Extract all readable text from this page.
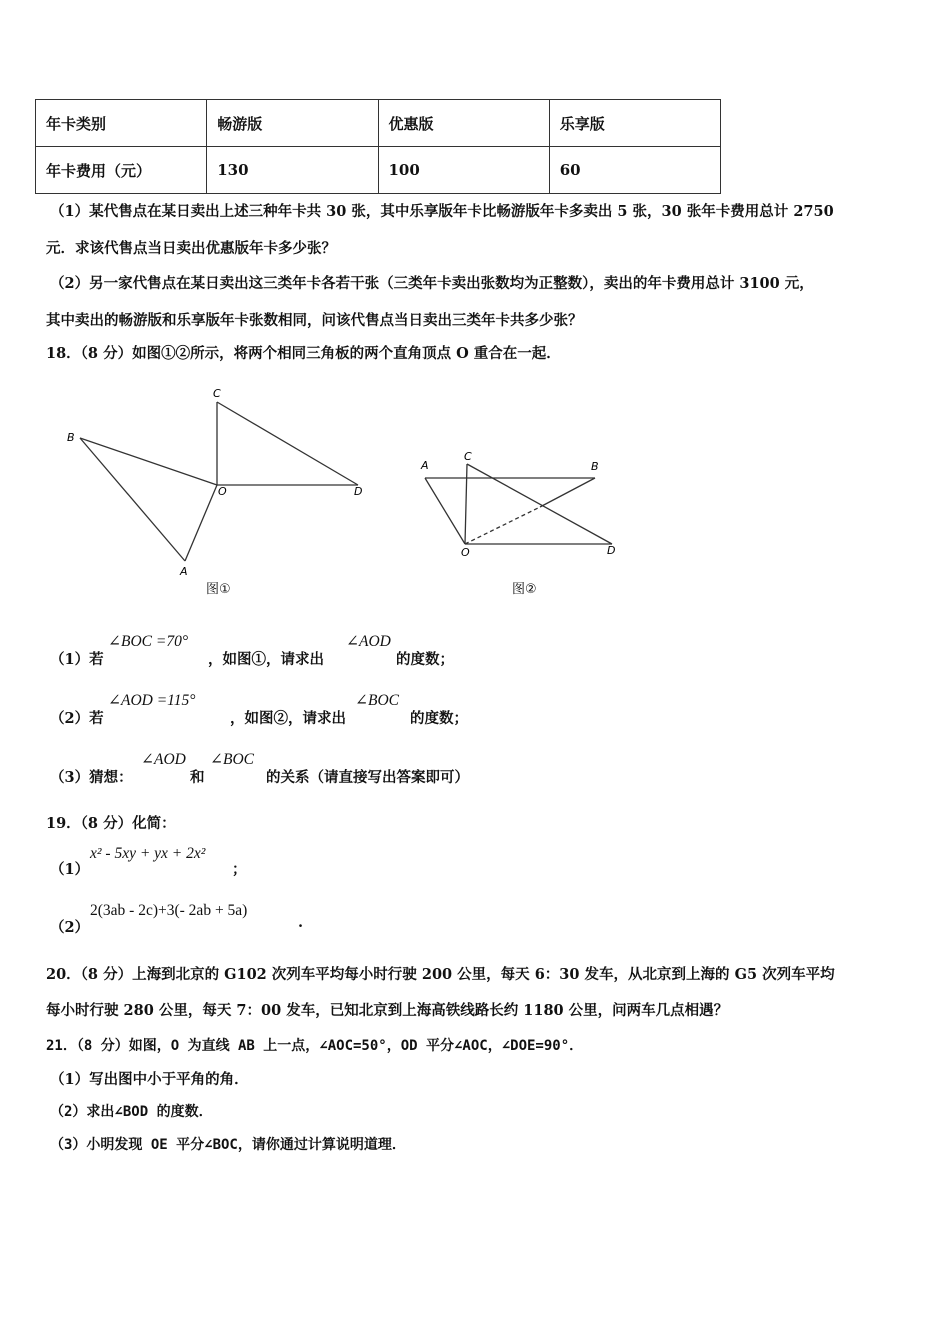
年卡类别	畅游版	优惠版	乐享版
年卡费用（元）	130	100	60
（1）某代售点在某日卖出上述三种年卡共 30 张，其中乐享版年卡比畅游版年卡多卖出 5 张，30 张年卡费用总计 2750
元．求该代售点当日卖出优惠版年卡多少张？
（2）另一家代售点在某日卖出这三类年卡各若干张（三类年卡卖出张数均为正整数），卖出的年卡费用总计 3100 元，
其中卖出的畅游版和乐享版年卡张数相同，问该代售点当日卖出三类年卡共多少张？
18．（8 分）如图①②所示，将两个相同三角板的两个直角顶点 O 重合在一起．
B
C
O	D
A
图①
A
C
B
O	D
图②
（1）若
∠BOC =70°
，如图①，请求出
∠AOD
的度数；
（2）若
∠AOD =115°
，如图②，请求出
∠BOC
的度数；
（3）猜想：
∠AOD
和
∠BOC
的关系（请直接写出答案即可）
19．（8 分）化简：
（1）
x² - 5xy + yx + 2x²
；
（2）
2(3ab - 2c)+3(- 2ab + 5a)
.
20．（8 分）上海到北京的 G102 次列车平均每小时行驶 200 公里，每天 6：30 发车，从北京到上海的 G5 次列车平均
每小时行驶 280 公里，每天 7：00 发车，已知北京到上海高铁线路长约 1180 公里，问两车几点相遇？
21．（8 分）如图，O 为直线 AB 上一点，∠AOC=50°，OD 平分∠AOC，∠DOE=90°．
（1）写出图中小于平角的角．
（2）求出∠BOD 的度数．
（3）小明发现 OE 平分∠BOC，请你通过计算说明道理．
